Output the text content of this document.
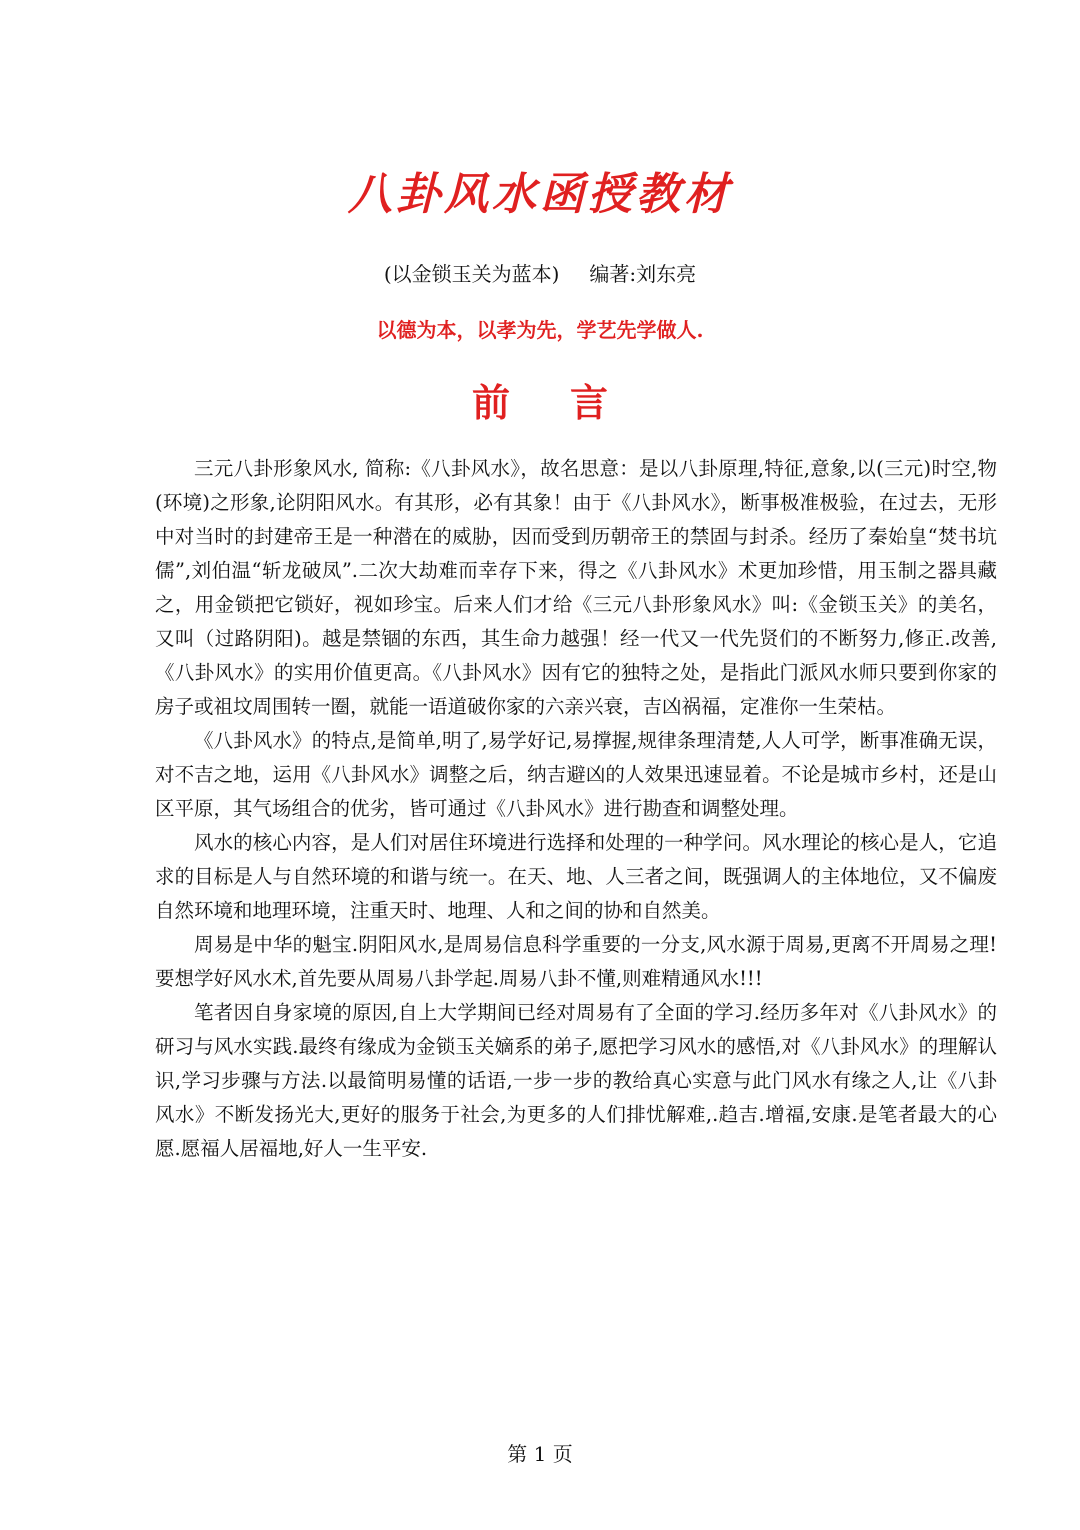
八卦风水函授教材
(以金锁玉关为蓝本) 编著:刘东亮
以德为本，以孝为先，学艺先学做人.
前言

三元八卦形象风水, 简称:《八卦风水》，故名思意：是以八卦原理,特征,意象,以(三元)时空,物(环境)之形象,论阴阳风水。有其形，必有其象！由于《八卦风水》，断事极准极验，在过去，无形中对当时的封建帝王是一种潜在的威胁，因而受到历朝帝王的禁固与封杀。经历了秦始皇“焚书坑儒”,刘伯温“斩龙破凤”.二次大劫难而幸存下来，得之《八卦风水》术更加珍惜，用玉制之器具藏之，用金锁把它锁好，视如珍宝。后来人们才给《三元八卦形象风水》叫:《金锁玉关》的美名，又叫（过路阴阳)。越是禁锢的东西，其生命力越强！经一代又一代先贤们的不断努力,修正.改善,《八卦风水》的实用价值更高。《八卦风水》因有它的独特之处，是指此门派风水师只要到你家的房子或祖坟周围转一圈，就能一语道破你家的六亲兴衰，吉凶祸福，定准你一生荣枯。

《八卦风水》的特点,是简单,明了,易学好记,易撑握,规律条理清楚,人人可学，断事准确无误，对不吉之地，运用《八卦风水》调整之后，纳吉避凶的人效果迅速显着。不论是城市乡村，还是山区平原，其气场组合的优劣，皆可通过《八卦风水》进行勘查和调整处理。

风水的核心内容，是人们对居住环境进行选择和处理的一种学问。风水理论的核心是人，它追求的目标是人与自然环境的和谐与统一。在天、地、人三者之间，既强调人的主体地位，又不偏废自然环境和地理环境，注重天时、地理、人和之间的协和自然美。

周易是中华的魁宝.阴阳风水,是周易信息科学重要的一分支,风水源于周易,更离不开周易之理!要想学好风水术,首先要从周易八卦学起.周易八卦不懂,则难精通风水!!!

笔者因自身家境的原因,自上大学期间已经对周易有了全面的学习.经历多年对《八卦风水》的研习与风水实践.最终有缘成为金锁玉关嫡系的弟子,愿把学习风水的感悟,对《八卦风水》的理解认识,学习步骤与方法.以最简明易懂的话语,一步一步的教给真心实意与此门风水有缘之人,让《八卦风水》不断发扬光大,更好的服务于社会,为更多的人们排忧解难,.趋吉.增福,安康.是笔者最大的心愿.愿福人居福地,好人一生平安.

第 1 页
